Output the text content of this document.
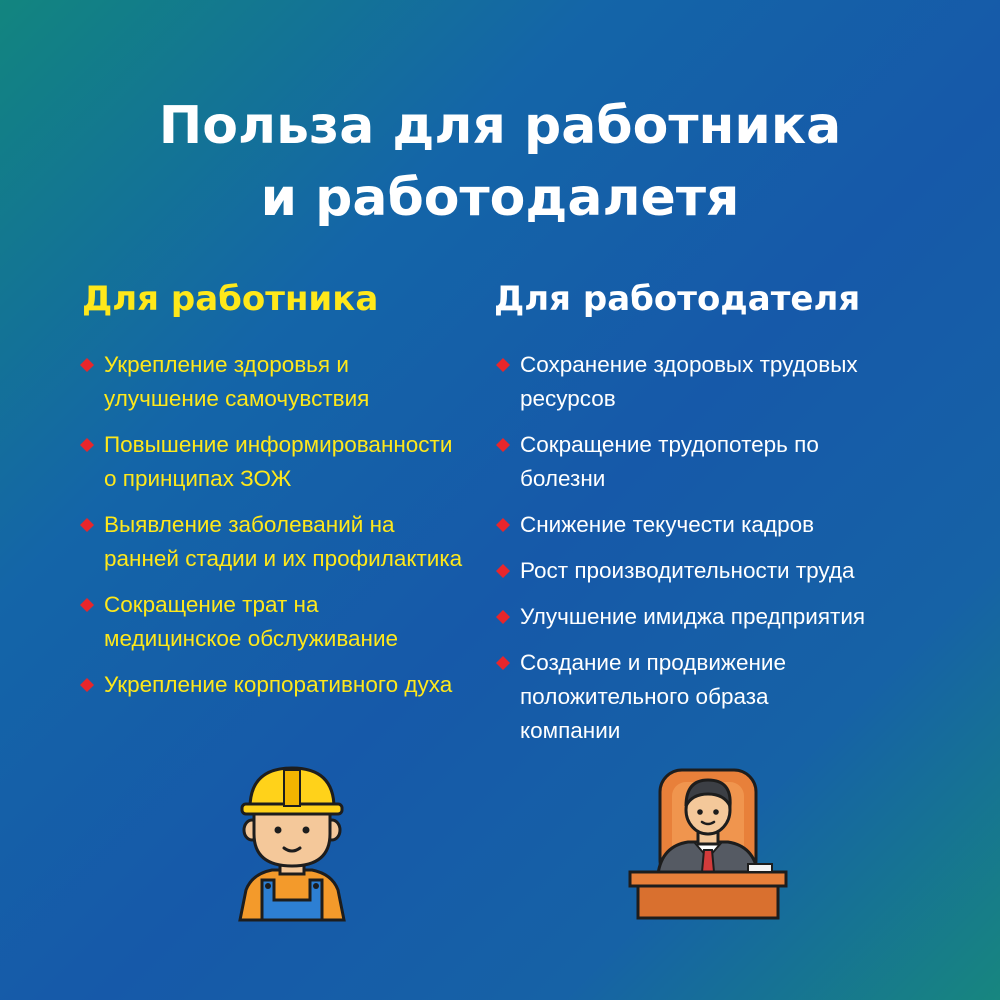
Польза для работника
и работодалетя
Для работника
Укрепление здоровья и
улучшение самочувствия
Повышение информированности
о принципах ЗОЖ
Выявление заболеваний на
ранней стадии и их профилактика
Сокращение трат на
медицинское обслуживание
Укрепление корпоративного духа
Для работодателя
Сохранение здоровых трудовых
ресурсов
Сокращение трудопотерь по
болезни
Снижение текучести кадров
Рост производительности труда
Улучшение имиджа предприятия
Создание и продвижение
положительного образа
компании
